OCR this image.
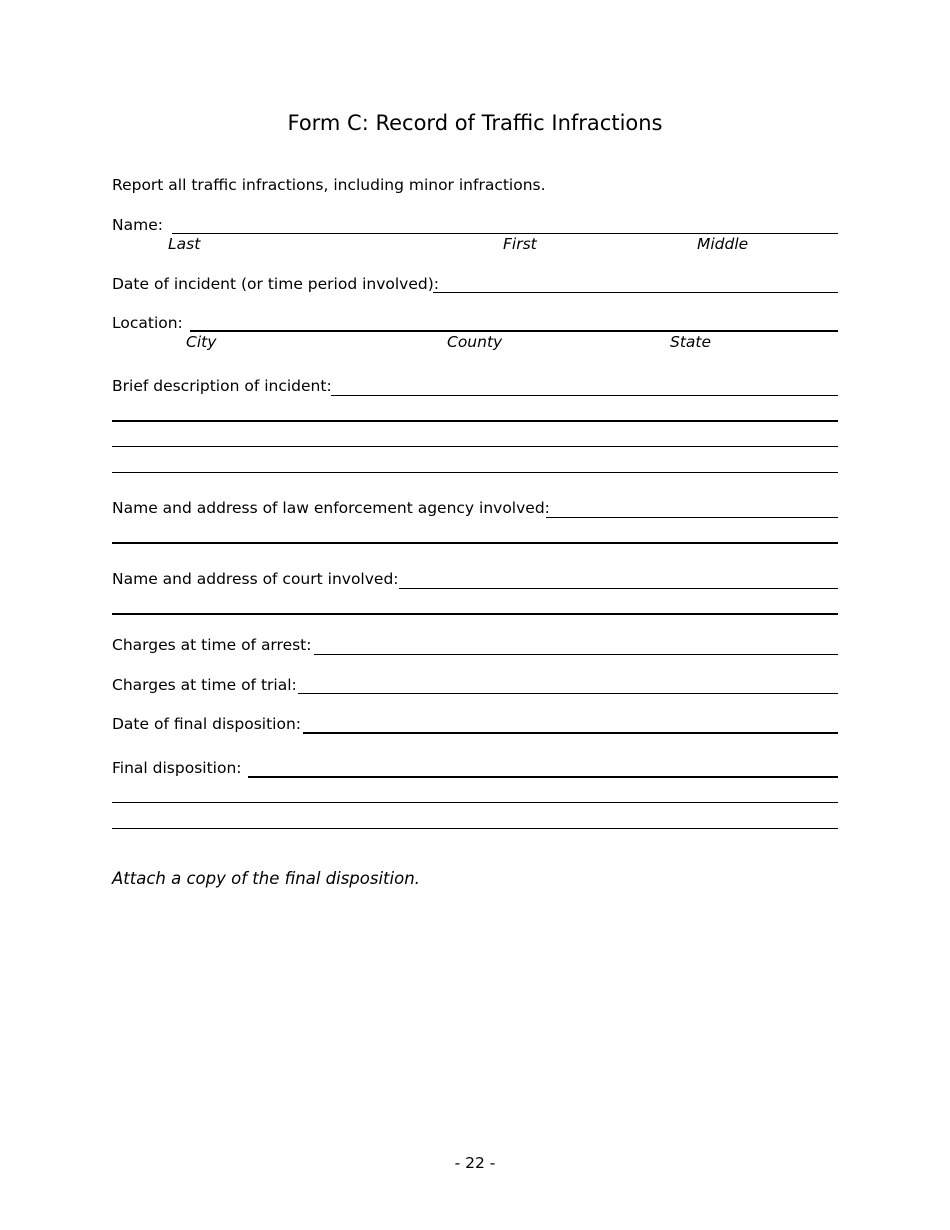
Form C: Record of Traffic Infractions
Report all traffic infractions, including minor infractions.
Name:
Last	First	Middle
Date of incident (or time period involved):
Location:
City	County	State
Brief description of incident:
Name and address of law enforcement agency involved:
Name and address of court involved:
Charges at time of arrest:
Charges at time of trial:
Date of final disposition:
Final disposition:
Attach a copy of the final disposition.
- 22 -
